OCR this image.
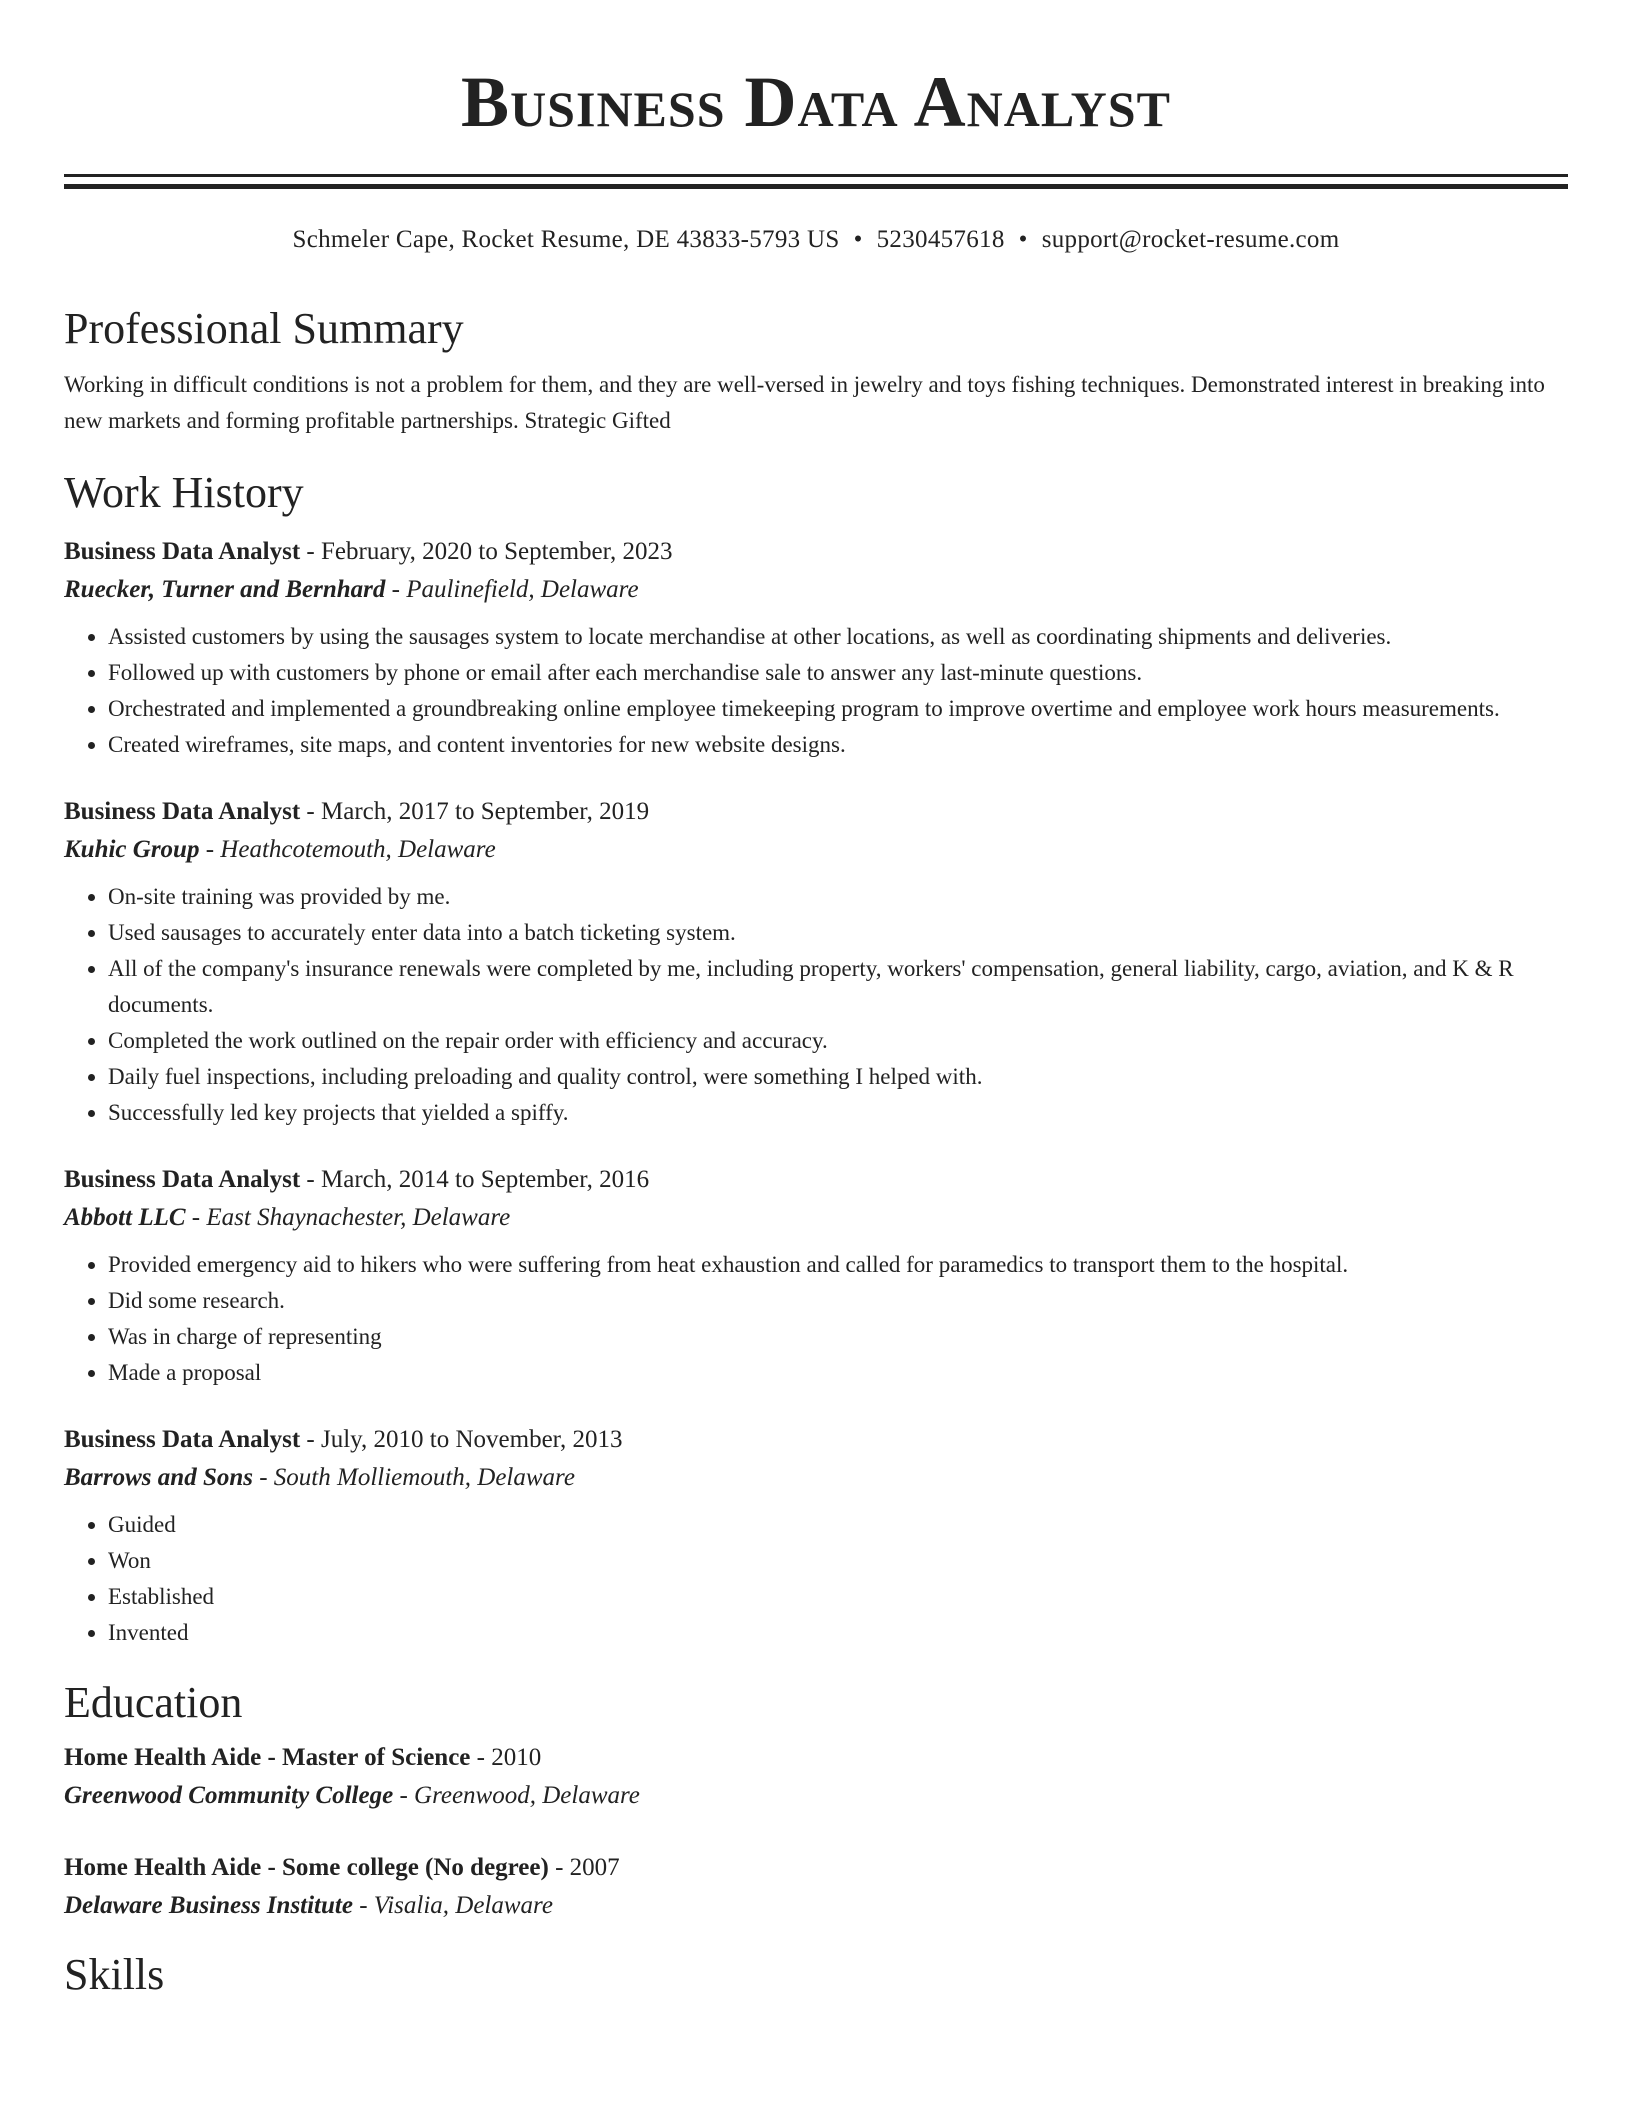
Business Data Analyst
Schmeler Cape, Rocket Resume, DE 43833-5793 US • 5230457618 • support@rocket-resume.com
Professional Summary
Working in difficult conditions is not a problem for them, and they are well-versed in jewelry and toys fishing techniques. Demonstrated interest in breaking into new markets and forming profitable partnerships. Strategic Gifted
Work History
Business Data Analyst - February, 2020 to September, 2023
Ruecker, Turner and Bernhard - Paulinefield, Delaware
• Assisted customers by using the sausages system to locate merchandise at other locations, as well as coordinating shipments and deliveries.
• Followed up with customers by phone or email after each merchandise sale to answer any last-minute questions.
• Orchestrated and implemented a groundbreaking online employee timekeeping program to improve overtime and employee work hours measurements.
• Created wireframes, site maps, and content inventories for new website designs.
Business Data Analyst - March, 2017 to September, 2019
Kuhic Group - Heathcotemouth, Delaware
• On-site training was provided by me.
• Used sausages to accurately enter data into a batch ticketing system.
• All of the company's insurance renewals were completed by me, including property, workers' compensation, general liability, cargo, aviation, and K & R documents.
• Completed the work outlined on the repair order with efficiency and accuracy.
• Daily fuel inspections, including preloading and quality control, were something I helped with.
• Successfully led key projects that yielded a spiffy.
Business Data Analyst - March, 2014 to September, 2016
Abbott LLC - East Shaynachester, Delaware
• Provided emergency aid to hikers who were suffering from heat exhaustion and called for paramedics to transport them to the hospital.
• Did some research.
• Was in charge of representing
• Made a proposal
Business Data Analyst - July, 2010 to November, 2013
Barrows and Sons - South Molliemouth, Delaware
• Guided
• Won
• Established
• Invented
Education
Home Health Aide - Master of Science - 2010
Greenwood Community College - Greenwood, Delaware
Home Health Aide - Some college (No degree) - 2007
Delaware Business Institute - Visalia, Delaware
Skills
